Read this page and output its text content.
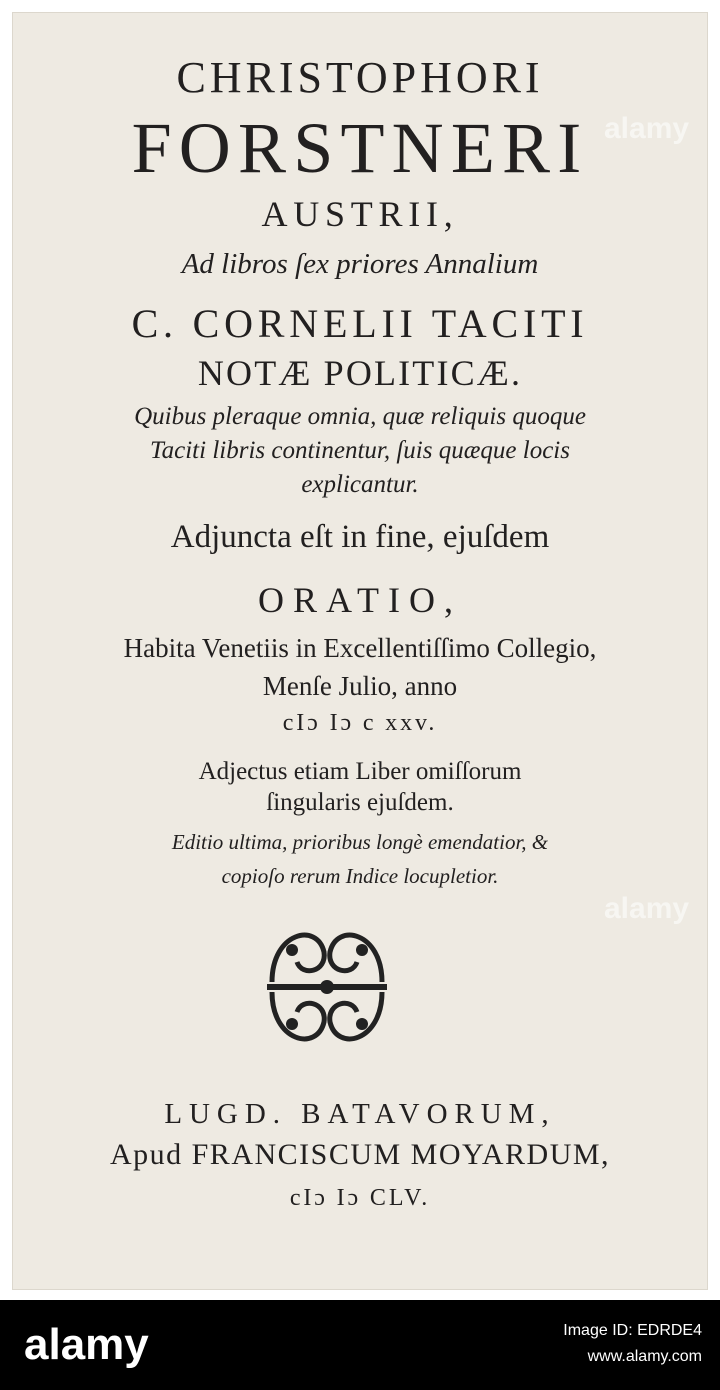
CHRISTOPHORI
FORSTNERI
AUSTRII,
Ad libros ſex priores Annalium
C. CORNELII TACITI
NOTÆ POLITICÆ.
Quibus pleraque omnia, quæ reliquis quoque
Taciti libris continentur, ſuis quæque locis
explicantur.
Adjuncta eſt in fine, ejuſdem
ORATIO,
Habita Venetiis in Excellentiſſimo Collegio,
Menſe Julio, anno
cIɔ Iɔ c xxv.
Adjectus etiam Liber omiſſorum
ſingularis ejuſdem.
Editio ultima, prioribus longè emendatior, &
copioſo rerum Indice locupletior.
LUGD. BATAVORUM,
Apud FRANCISCUM MOYARDUM,
cIɔ Iɔ CLV.
alamy
alamy
alamy	Image ID: EDRDE4
www.alamy.com
